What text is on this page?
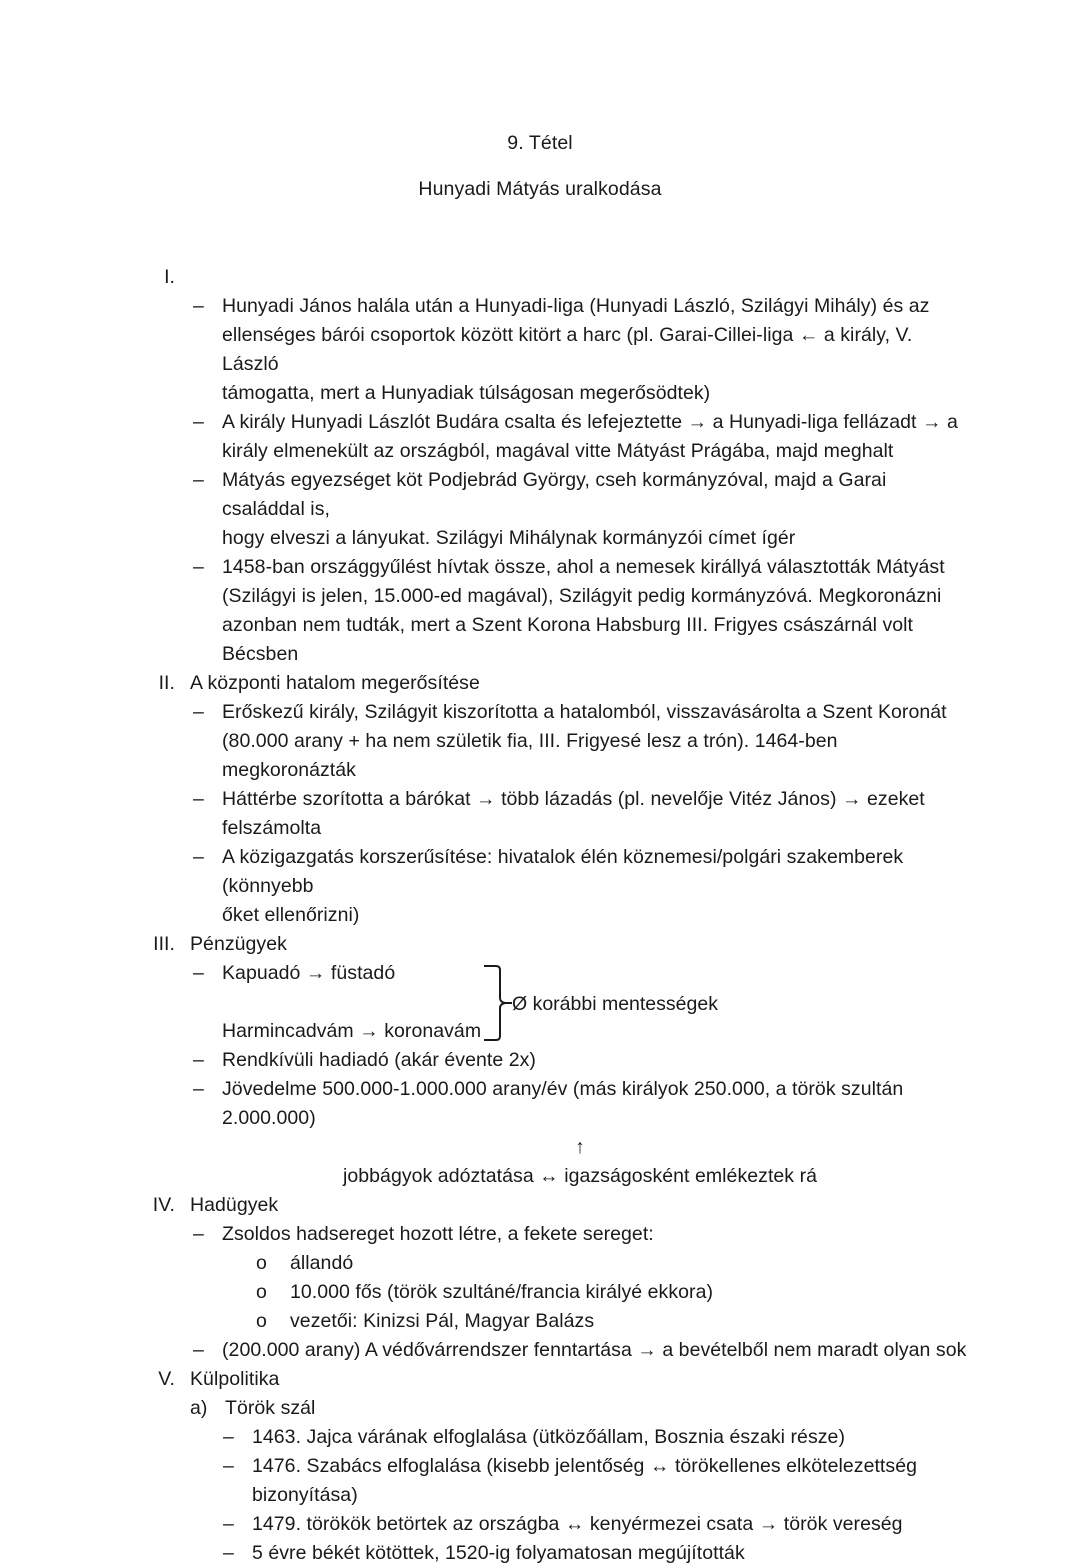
9. Tétel
Hunyadi Mátyás uralkodása
I.
– Hunyadi János halála után a Hunyadi-liga (Hunyadi László, Szilágyi Mihály) és az
ellenséges bárói csoportok között kitört a harc (pl. Garai-Cillei-liga ← a király, V. László
támogatta, mert a Hunyadiak túlságosan megerősödtek)
– A király Hunyadi Lászlót Budára csalta és lefejeztette → a Hunyadi-liga fellázadt → a
király elmenekült az országból, magával vitte Mátyást Prágába, majd meghalt
– Mátyás egyezséget köt Podjebrád György, cseh kormányzóval, majd a Garai családdal is,
hogy elveszi a lányukat. Szilágyi Mihálynak kormányzói címet ígér
– 1458-ban országgyűlést hívtak össze, ahol a nemesek királlyá választották Mátyást
(Szilágyi is jelen, 15.000-ed magával), Szilágyit pedig kormányzóvá. Megkoronázni
azonban nem tudták, mert a Szent Korona Habsburg III. Frigyes császárnál volt Bécsben
II. A központi hatalom megerősítése
– Erőskezű király, Szilágyit kiszorította a hatalomból, visszavásárolta a Szent Koronát
(80.000 arany + ha nem születik fia, III. Frigyesé lesz a trón). 1464-ben megkoronázták
– Háttérbe szorította a bárókat → több lázadás (pl. nevelője Vitéz János) → ezeket
felszámolta
– A közigazgatás korszerűsítése: hivatalok élén köznemesi/polgári szakemberek (könnyebb
őket ellenőrizni)
III. Pénzügyek
– Kapuadó → füstadó
Harmincadvám → koronavám
Ø korábbi mentességek
– Rendkívüli hadiadó (akár évente 2x)
– Jövedelme 500.000-1.000.000 arany/év (más királyok 250.000, a török szultán 2.000.000)
↑
jobbágyok adóztatása ↔ igazságosként emlékeztek rá
IV. Hadügyek
– Zsoldos hadsereget hozott létre, a fekete sereget:
o állandó
o 10.000 fős (török szultáné/francia királyé ekkora)
o vezetői: Kinizsi Pál, Magyar Balázs
– (200.000 arany) A védővárrendszer fenntartása → a bevételből nem maradt olyan sok
V. Külpolitika
a) Török szál
– 1463. Jajca várának elfoglalása (ütközőállam, Bosznia északi része)
– 1476. Szabács elfoglalása (kisebb jelentőség ↔ törökellenes elkötelezettség
bizonyítása)
– 1479. törökök betörtek az országba ↔ kenyérmezei csata → török vereség
– 5 évre békét kötöttek, 1520-ig folyamatosan megújították
